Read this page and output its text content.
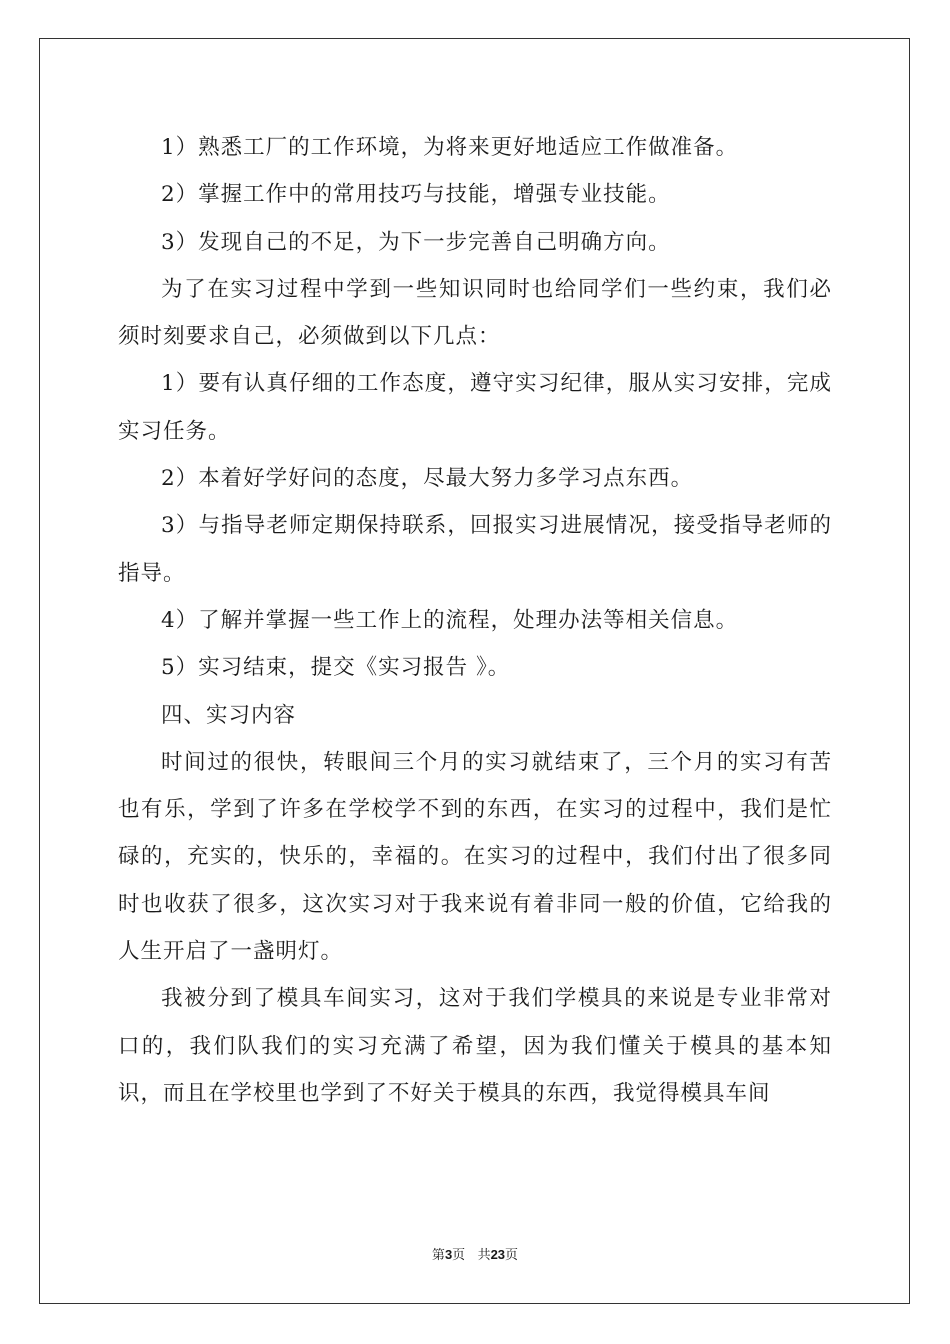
1）熟悉工厂的工作环境，为将来更好地适应工作做准备。

2）掌握工作中的常用技巧与技能，增强专业技能。

3）发现自己的不足，为下一步完善自己明确方向。

为了在实习过程中学到一些知识同时也给同学们一些约束，我们必须时刻要求自己，必须做到以下几点：

1）要有认真仔细的工作态度，遵守实习纪律，服从实习安排，完成实习任务。

2）本着好学好问的态度，尽最大努力多学习点东西。

3）与指导老师定期保持联系，回报实习进展情况，接受指导老师的指导。

4）了解并掌握一些工作上的流程，处理办法等相关信息。

5）实习结束，提交《实习报告 》。

四、实习内容

时间过的很快，转眼间三个月的实习就结束了，三个月的实习有苦也有乐，学到了许多在学校学不到的东西，在实习的过程中，我们是忙碌的，充实的，快乐的，幸福的。在实习的过程中，我们付出了很多同时也收获了很多，这次实习对于我来说有着非同一般的价值，它给我的人生开启了一盏明灯。

我被分到了模具车间实习，这对于我们学模具的来说是专业非常对口的，我们队我们的实习充满了希望，因为我们懂关于模具的基本知识，而且在学校里也学到了不好关于模具的东西，我觉得模具车间

第3页   共23页
